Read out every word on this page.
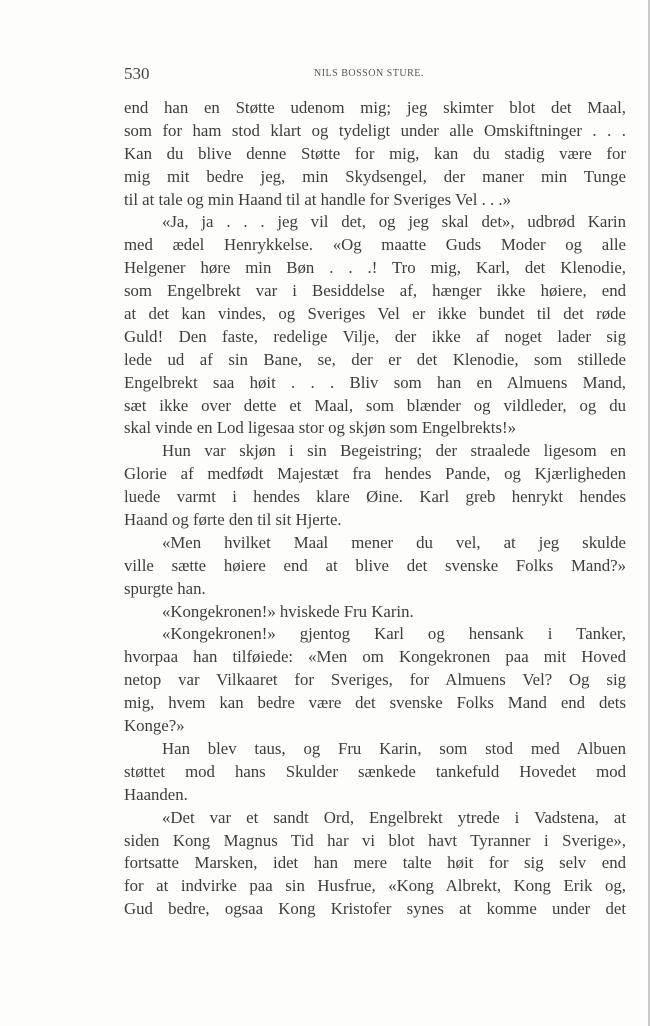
530	NILS BOSSON STURE.
end han en Støtte udenom mig; jeg skimter blot det Maal,
som for ham stod klart og tydeligt under alle Omskiftninger . . .
Kan du blive denne Støtte for mig, kan du stadig være for
mig mit bedre jeg, min Skydsengel, der maner min Tunge
til at tale og min Haand til at handle for Sveriges Vel . . .»
«Ja, ja . . . jeg vil det, og jeg skal det», udbrød Karin
med ædel Henrykkelse. «Og maatte Guds Moder og alle
Helgener høre min Bøn . . .! Tro mig, Karl, det Klenodie,
som Engelbrekt var i Besiddelse af, hænger ikke høiere, end
at det kan vindes, og Sveriges Vel er ikke bundet til det røde
Guld! Den faste, redelige Vilje, der ikke af noget lader sig
lede ud af sin Bane, se, der er det Klenodie, som stillede
Engelbrekt saa høit . . . Bliv som han en Almuens Mand,
sæt ikke over dette et Maal, som blænder og vildleder, og du
skal vinde en Lod ligesaa stor og skjøn som Engelbrekts!»
Hun var skjøn i sin Begeistring; der straalede ligesom en
Glorie af medfødt Majestæt fra hendes Pande, og Kjærligheden
luede varmt i hendes klare Øine. Karl greb henrykt hendes
Haand og førte den til sit Hjerte.
«Men hvilket Maal mener du vel, at jeg skulde
ville sætte høiere end at blive det svenske Folks Mand?»
spurgte han.
«Kongekronen!» hviskede Fru Karin.
«Kongekronen!» gjentog Karl og hensank i Tanker,
hvorpaa han tilføiede: «Men om Kongekronen paa mit Hoved
netop var Vilkaaret for Sveriges, for Almuens Vel? Og sig
mig, hvem kan bedre være det svenske Folks Mand end dets
Konge?»
Han blev taus, og Fru Karin, som stod med Albuen
støttet mod hans Skulder sænkede tankefuld Hovedet mod
Haanden.
«Det var et sandt Ord, Engelbrekt ytrede i Vadstena, at
siden Kong Magnus Tid har vi blot havt Tyranner i Sverige»,
fortsatte Marsken, idet han mere talte høit for sig selv end
for at indvirke paa sin Husfrue, «Kong Albrekt, Kong Erik og,
Gud bedre, ogsaa Kong Kristofer synes at komme under det
